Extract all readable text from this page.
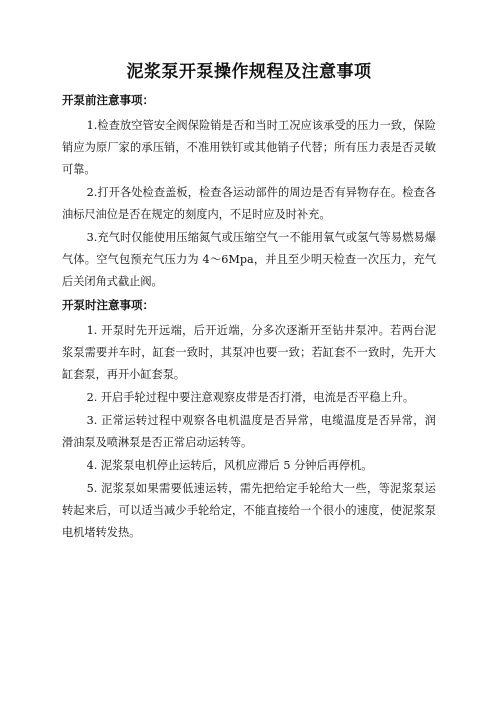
泥浆泵开泵操作规程及注意事项
开泵前注意事项：

1.检查放空管安全阀保险销是否和当时工况应该承受的压力一致，保险销应为原厂家的承压销，不准用铁钉或其他销子代替；所有压力表是否灵敏可靠。

2.打开各处检查盖板，检查各运动部件的周边是否有异物存在。检查各油标尺油位是否在规定的刻度内，不足时应及时补充。

3.充气时仅能使用压缩氮气或压缩空气一不能用氧气或氢气等易燃易爆气体。空气包预充气压力为 4～6Mpa，并且至少明天检查一次压力，充气后关闭角式截止阀。

开泵时注意事项：

1. 开泵时先开远端，后开近端，分多次逐渐开至钻井泵冲。若两台泥浆泵需要并车时，缸套一致时，其泵冲也要一致；若缸套不一致时，先开大缸套泵，再开小缸套泵。

2. 开启手轮过程中要注意观察皮带是否打滑，电流是否平稳上升。

3. 正常运转过程中观察各电机温度是否异常，电缆温度是否异常，润滑油泵及喷淋泵是否正常启动运转等。

4. 泥浆泵电机停止运转后，风机应滞后 5 分钟后再停机。

5. 泥浆泵如果需要低速运转，需先把给定手轮给大一些，等泥浆泵运转起来后，可以适当减少手轮给定，不能直接给一个很小的速度，使泥浆泵电机堵转发热。
